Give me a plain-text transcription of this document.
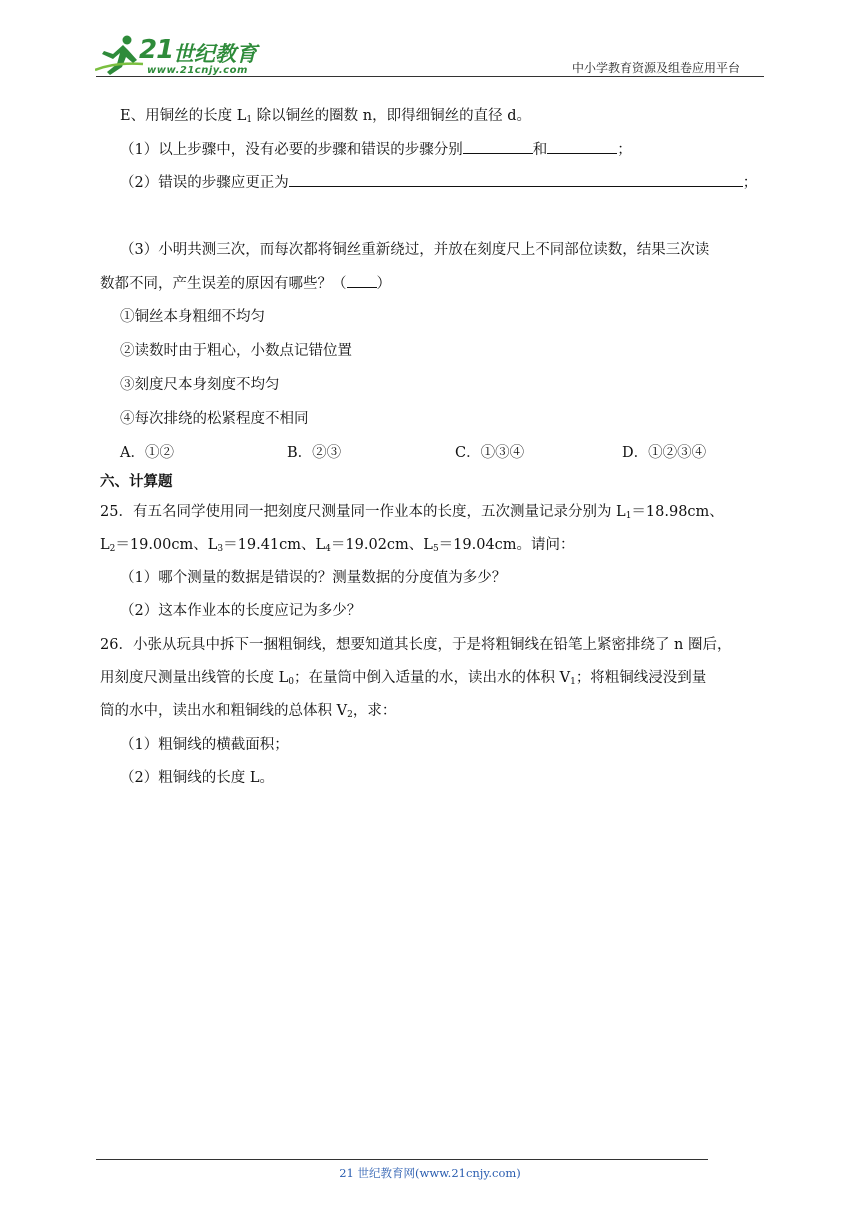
21 世纪教育
www.21cnjy.com	中小学教育资源及组卷应用平台
E、用铜丝的长度 $L_1$ 除以铜丝的圈数 n，即得细铜丝的直径 d。
（1）以上步骤中，没有必要的步骤和错误的步骤分别	和	；
（2）错误的步骤应更正为	；
（3）小明共测三次，而每次都将铜丝重新绕过，并放在刻度尺上不同部位读数，结果三次读
数都不同，产生误差的原因有哪些？（ ）
①铜丝本身粗细不均匀
②读数时由于粗心，小数点记错位置
③刻度尺本身刻度不均匀
④每次排绕的松紧程度不相同
A．①②	B．②③	C．①③④	D．①②③④
六、计算题
25．有五名同学使用同一把刻度尺测量同一作业本的长度，五次测量记录分别为 $L_1=18.98cm$、
$L_2=19.00cm$、$L_3=19.41cm$、$L_4=19.02cm$、$L_5=19.04cm$。请问：
（1）哪个测量的数据是错误的？测量数据的分度值为多少？
（2）这本作业本的长度应记为多少？
26．小张从玩具中拆下一捆粗铜线，想要知道其长度，于是将粗铜线在铅笔上紧密排绕了 n 圈后，
用刻度尺测量出线管的长度 $L_0$；在量筒中倒入适量的水，读出水的体积 $V_1$；将粗铜线浸没到量
筒的水中，读出水和粗铜线的总体积 $V_2$，求：
（1）粗铜线的横截面积；
（2）粗铜线的长度 L。
21 世纪教育网(www.21cnjy.com)
